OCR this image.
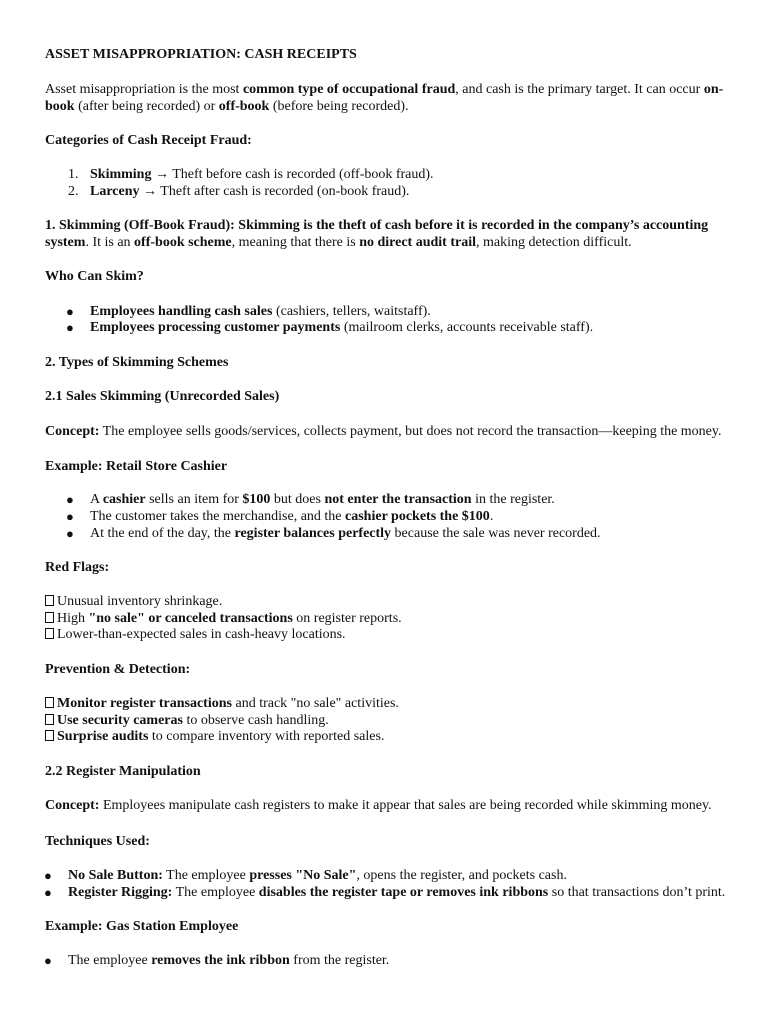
ASSET MISAPPROPRIATION: CASH RECEIPTS

Asset misappropriation is the most common type of occupational fraud, and cash is the primary target. It can occur on-book (after being recorded) or off-book (before being recorded).

Categories of Cash Receipt Fraud:

1. Skimming → Theft before cash is recorded (off-book fraud).

2. Larceny → Theft after cash is recorded (on-book fraud).

1. Skimming (Off-Book Fraud): Skimming is the theft of cash before it is recorded in the company’s accounting system. It is an off-book scheme, meaning that there is no direct audit trail, making detection difficult.

Who Can Skim?

● Employees handling cash sales (cashiers, tellers, waitstaff).

● Employees processing customer payments (mailroom clerks, accounts receivable staff).

2. Types of Skimming Schemes

2.1 Sales Skimming (Unrecorded Sales)

Concept: The employee sells goods/services, collects payment, but does not record the transaction—keeping the money.

Example: Retail Store Cashier

● A cashier sells an item for $100 but does not enter the transaction in the register.

● The customer takes the merchandise, and the cashier pockets the $100.

● At the end of the day, the register balances perfectly because the sale was never recorded.

Red Flags:

Unusual inventory shrinkage.

High "no sale" or canceled transactions on register reports.

Lower-than-expected sales in cash-heavy locations.

Prevention & Detection:

Monitor register transactions and track "no sale" activities.

Use security cameras to observe cash handling.

Surprise audits to compare inventory with reported sales.

2.2 Register Manipulation

Concept: Employees manipulate cash registers to make it appear that sales are being recorded while skimming money.

Techniques Used:

● No Sale Button: The employee presses "No Sale", opens the register, and pockets cash.

● Register Rigging: The employee disables the register tape or removes ink ribbons so that transactions don’t print.

Example: Gas Station Employee

● The employee removes the ink ribbon from the register.
